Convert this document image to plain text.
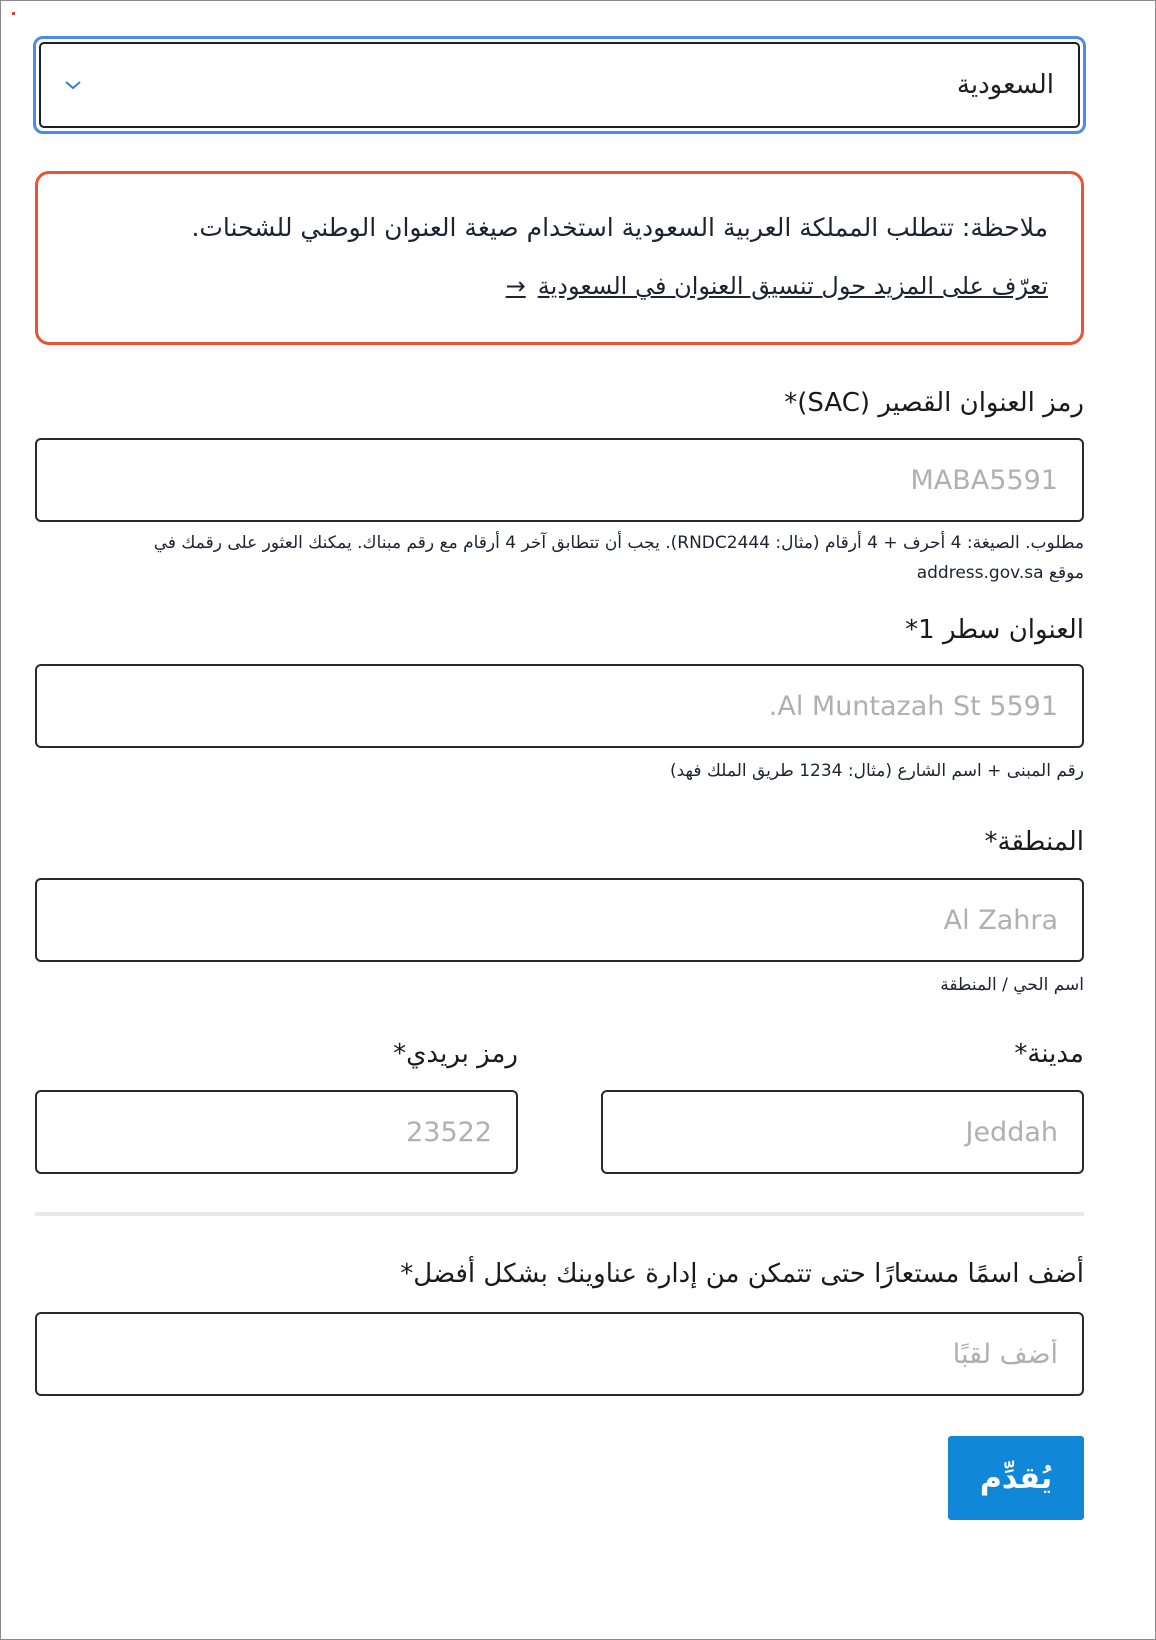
السعودية
ملاحظة: تتطلب المملكة العربية السعودية استخدام صيغة العنوان الوطني للشحنات.
تعرّف على المزيد حول تنسيق العنوان في السعودية
→
رمز العنوان القصير (SAC)*
MABA5591
مطلوب. الصيغة: 4 أحرف + 4 أرقام (مثال: RNDC2444). يجب أن تتطابق آخر 4 أرقام مع رقم مبناك. يمكنك العثور على رقمك في
موقع address.gov.sa
العنوان سطر 1*
5591 Al Muntazah St.
رقم المبنى + اسم الشارع (مثال: 1234 طريق الملك فهد)
المنطقة*
Al Zahra
اسم الحي / المنطقة
مدينة*
Jeddah
رمز بريدي*
23522
أضف اسمًا مستعارًا حتى تتمكن من إدارة عناوينك بشكل أفضل*
أضف لقبًا
يُقدِّم
